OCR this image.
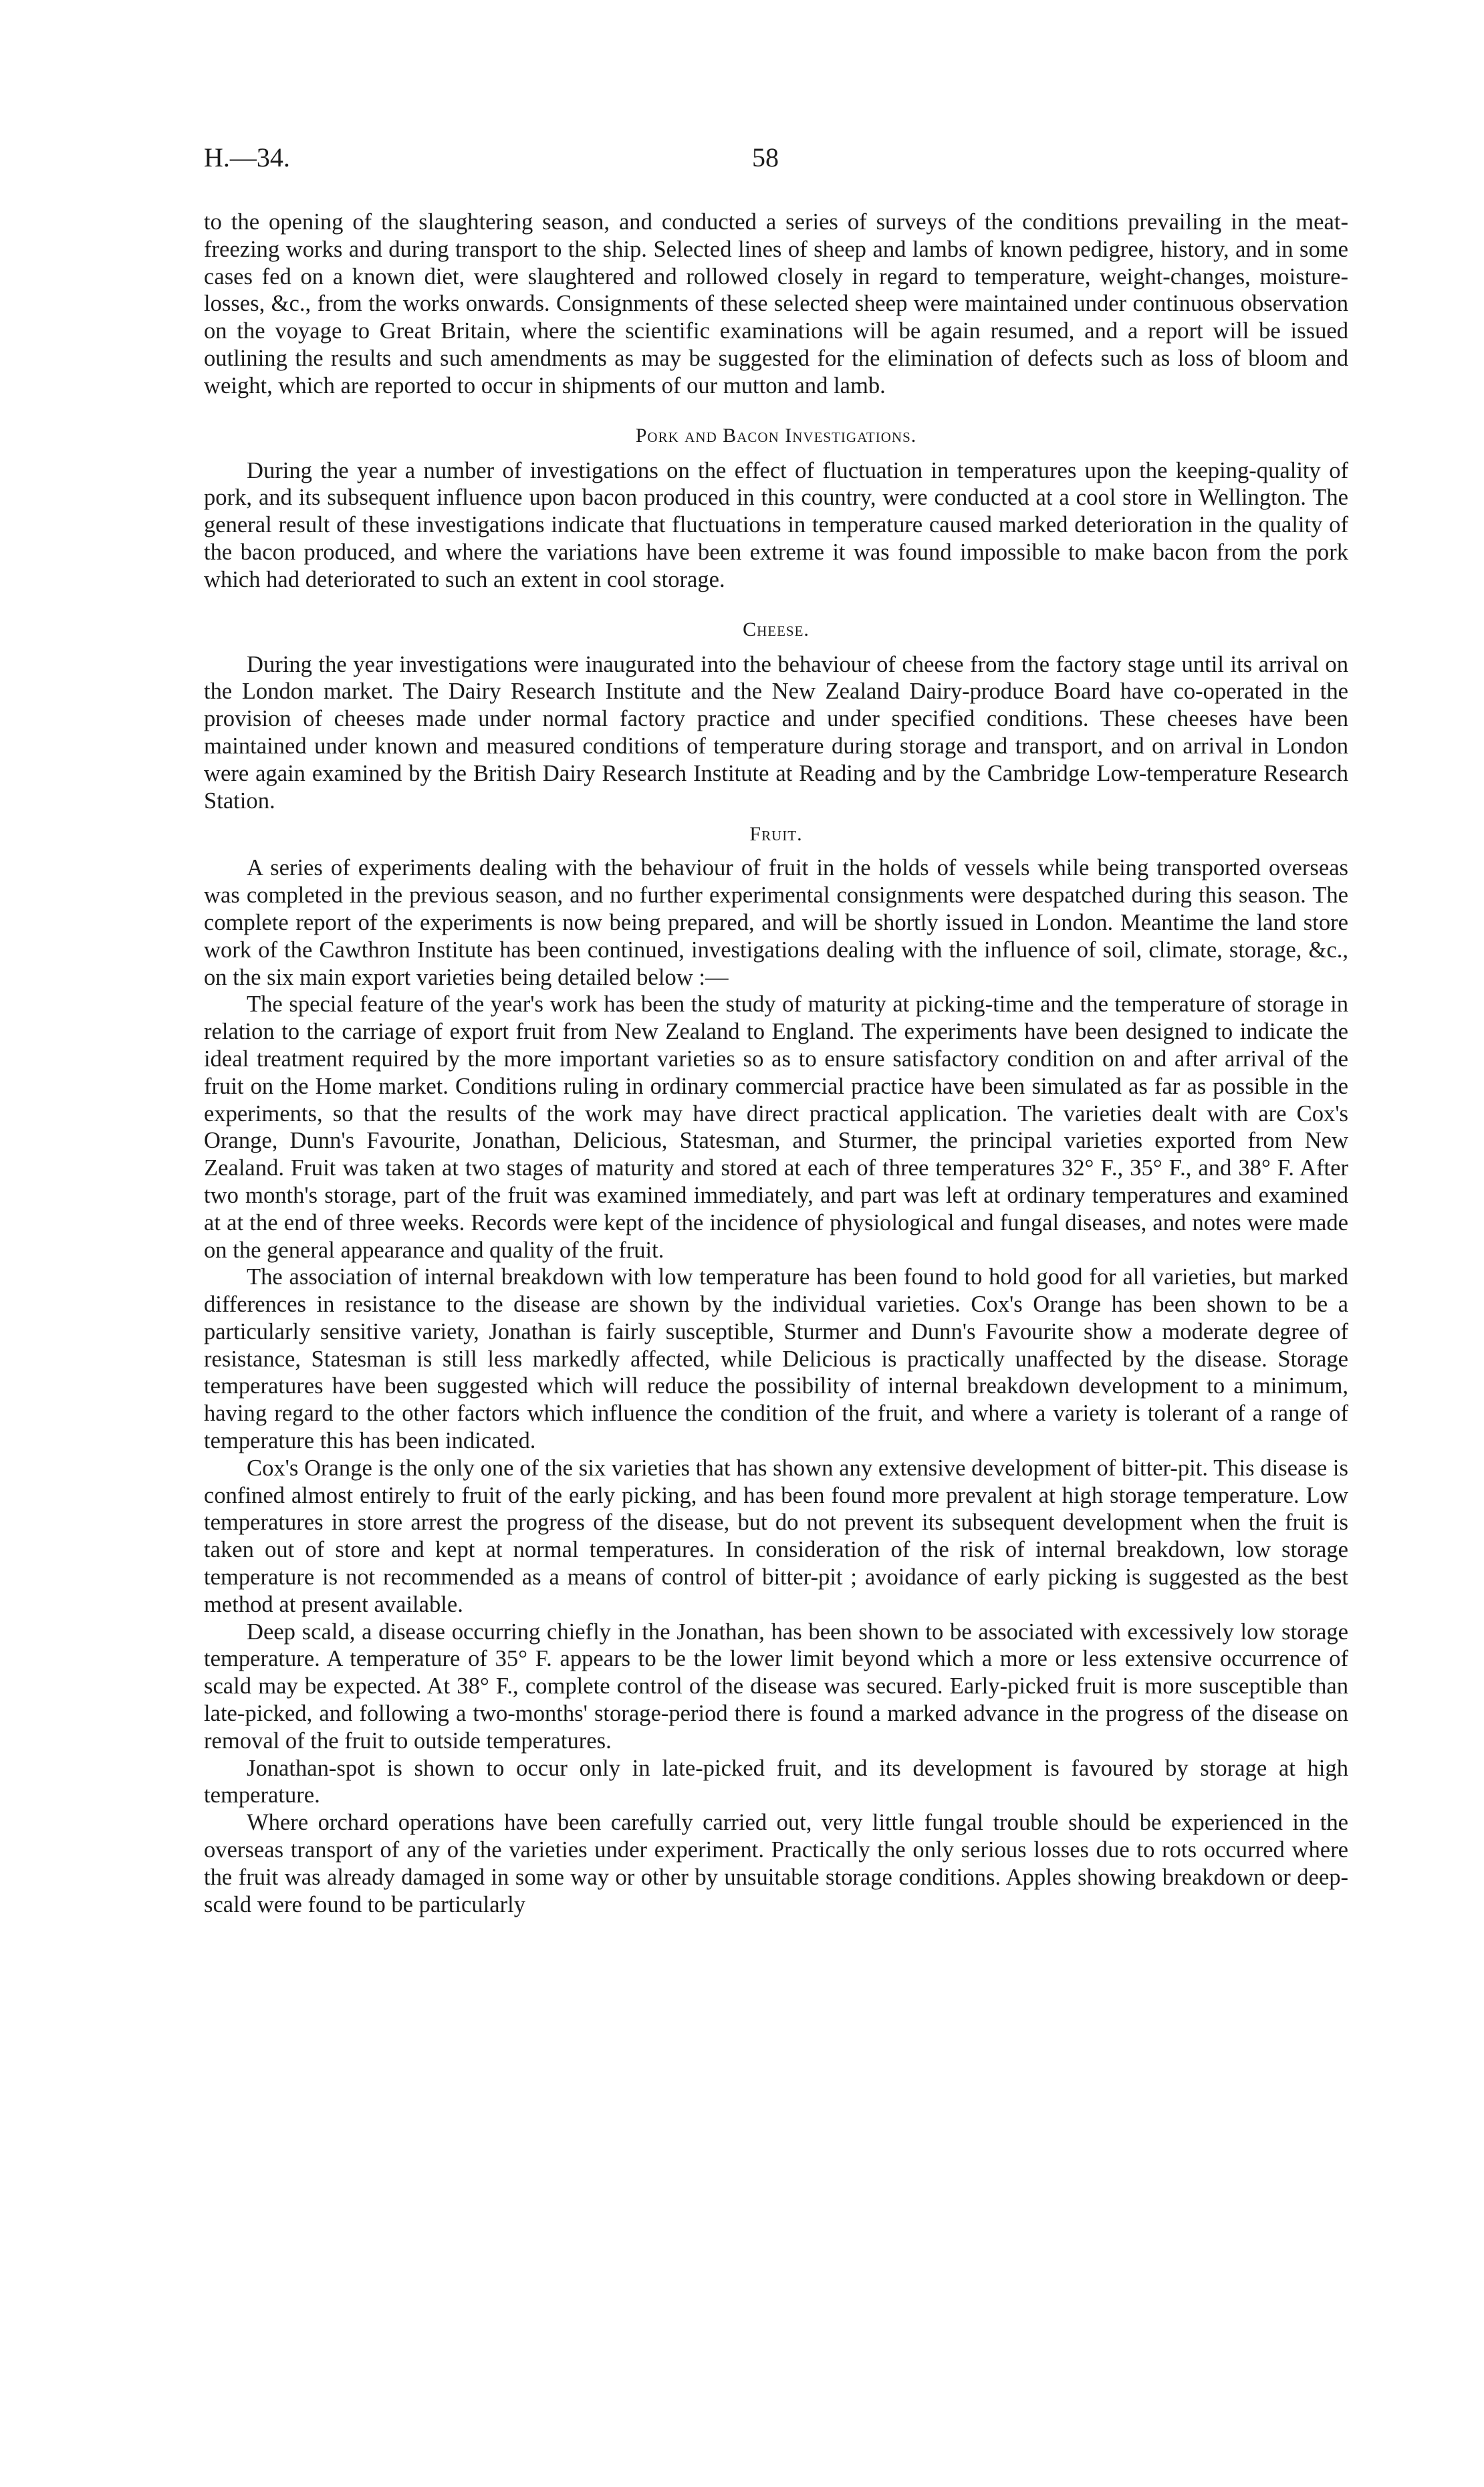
H.—34.	58

to the opening of the slaughtering season, and conducted a series of surveys of the conditions prevailing in the meat-freezing works and during transport to the ship. Selected lines of sheep and lambs of known pedigree, history, and in some cases fed on a known diet, were slaughtered and rollowed closely in regard to temperature, weight-changes, moisture-losses, &c., from the works onwards. Consignments of these selected sheep were maintained under continuous observation on the voyage to Great Britain, where the scientific examinations will be again resumed, and a report will be issued outlining the results and such amendments as may be suggested for the elimination of defects such as loss of bloom and weight, which are reported to occur in shipments of our mutton and lamb.

Pork and Bacon Investigations.

During the year a number of investigations on the effect of fluctuation in temperatures upon the keeping-quality of pork, and its subsequent influence upon bacon produced in this country, were conducted at a cool store in Wellington. The general result of these investigations indicate that fluctuations in temperature caused marked deterioration in the quality of the bacon produced, and where the variations have been extreme it was found impossible to make bacon from the pork which had deteriorated to such an extent in cool storage.

Cheese.

During the year investigations were inaugurated into the behaviour of cheese from the factory stage until its arrival on the London market. The Dairy Research Institute and the New Zealand Dairy-produce Board have co-operated in the provision of cheeses made under normal factory practice and under specified conditions. These cheeses have been maintained under known and measured conditions of temperature during storage and transport, and on arrival in London were again examined by the British Dairy Research Institute at Reading and by the Cambridge Low-temperature Research Station.

Fruit.

A series of experiments dealing with the behaviour of fruit in the holds of vessels while being transported overseas was completed in the previous season, and no further experimental consignments were despatched during this season. The complete report of the experiments is now being prepared, and will be shortly issued in London. Meantime the land store work of the Cawthron Institute has been continued, investigations dealing with the influence of soil, climate, storage, &c., on the six main export varieties being detailed below :—

The special feature of the year's work has been the study of maturity at picking-time and the temperature of storage in relation to the carriage of export fruit from New Zealand to England. The experiments have been designed to indicate the ideal treatment required by the more important varieties so as to ensure satisfactory condition on and after arrival of the fruit on the Home market. Conditions ruling in ordinary commercial practice have been simulated as far as possible in the experiments, so that the results of the work may have direct practical application. The varieties dealt with are Cox's Orange, Dunn's Favourite, Jonathan, Delicious, Statesman, and Sturmer, the principal varieties exported from New Zealand. Fruit was taken at two stages of maturity and stored at each of three temperatures 32° F., 35° F., and 38° F. After two month's storage, part of the fruit was examined immediately, and part was left at ordinary temperatures and examined at at the end of three weeks. Records were kept of the incidence of physiological and fungal diseases, and notes were made on the general appearance and quality of the fruit.

The association of internal breakdown with low temperature has been found to hold good for all varieties, but marked differences in resistance to the disease are shown by the individual varieties. Cox's Orange has been shown to be a particularly sensitive variety, Jonathan is fairly susceptible, Sturmer and Dunn's Favourite show a moderate degree of resistance, Statesman is still less markedly affected, while Delicious is practically unaffected by the disease. Storage temperatures have been suggested which will reduce the possibility of internal breakdown development to a minimum, having regard to the other factors which influence the condition of the fruit, and where a variety is tolerant of a range of temperature this has been indicated.

Cox's Orange is the only one of the six varieties that has shown any extensive development of bitter-pit. This disease is confined almost entirely to fruit of the early picking, and has been found more prevalent at high storage temperature. Low temperatures in store arrest the progress of the disease, but do not prevent its subsequent development when the fruit is taken out of store and kept at normal temperatures. In consideration of the risk of internal breakdown, low storage temperature is not recommended as a means of control of bitter-pit ; avoidance of early picking is suggested as the best method at present available.

Deep scald, a disease occurring chiefly in the Jonathan, has been shown to be associated with excessively low storage temperature. A temperature of 35° F. appears to be the lower limit beyond which a more or less extensive occurrence of scald may be expected. At 38° F., complete control of the disease was secured. Early-picked fruit is more susceptible than late-picked, and following a two-months' storage-period there is found a marked advance in the progress of the disease on removal of the fruit to outside temperatures.

Jonathan-spot is shown to occur only in late-picked fruit, and its development is favoured by storage at high temperature.

Where orchard operations have been carefully carried out, very little fungal trouble should be experienced in the overseas transport of any of the varieties under experiment. Practically the only serious losses due to rots occurred where the fruit was already damaged in some way or other by unsuitable storage conditions. Apples showing breakdown or deep-scald were found to be particularly
